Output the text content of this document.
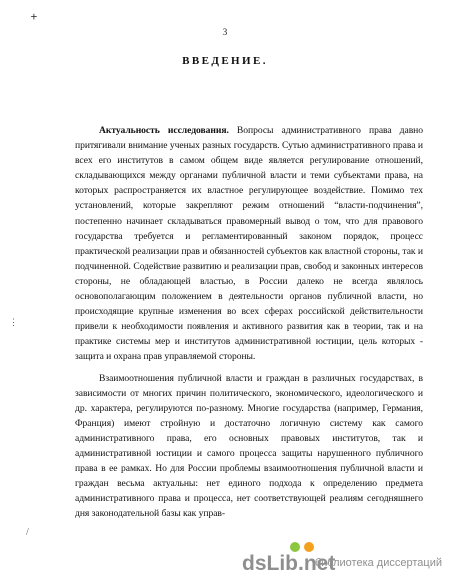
×
⋮
/
3
ВВЕДЕНИЕ.

Актуальность исследования. Вопросы административного права давно притягивали внимание ученых разных государств. Сутью административного права и всех его институтов в самом общем виде является регулирование отношений, складывающихся между органами публичной власти и теми субъектами права, на которых распространяется их властное регулирующее воздействие. Помимо тех установлений, которые закрепляют режим отношений “власти-подчинения”, постепенно начинает складываться правомерный вывод о том, что для правового государства требуется и регламентированный законом порядок, процесс практической реализации прав и обязанностей субъектов как властной стороны, так и подчиненной. Содействие развитию и реализации прав, свобод и законных интересов стороны, не обладающей властью, в России далеко не всегда являлось основополагающим положением в деятельности органов публичной власти, но происходящие крупные изменения во всех сферах российской действительности привели к необходимости появления и активного развития как в теории, так и на практике системы мер и институтов административной юстиции, цель которых - защита и охрана прав управляемой стороны.

Взаимоотношения публичной власти и граждан в различных государствах, в зависимости от многих причин политического, экономического, идеологического и др. характера, регулируются по-разному. Многие государства (например, Германия, Франция) имеют стройную и достаточно логичную систему как самого административного права, его основных правовых институтов, так и административной юстиции и самого процесса защиты нарушенного публичного права в ее рамках. Но для России проблемы взаимоотношения публичной власти и граждан весьма актуальны: нет единого подхода к определению предмета административного права и процесса, нет соответствующей реалиям сегодняшнего дня законодательной базы как управ-

dsLib.net
библиотека диссертаций
